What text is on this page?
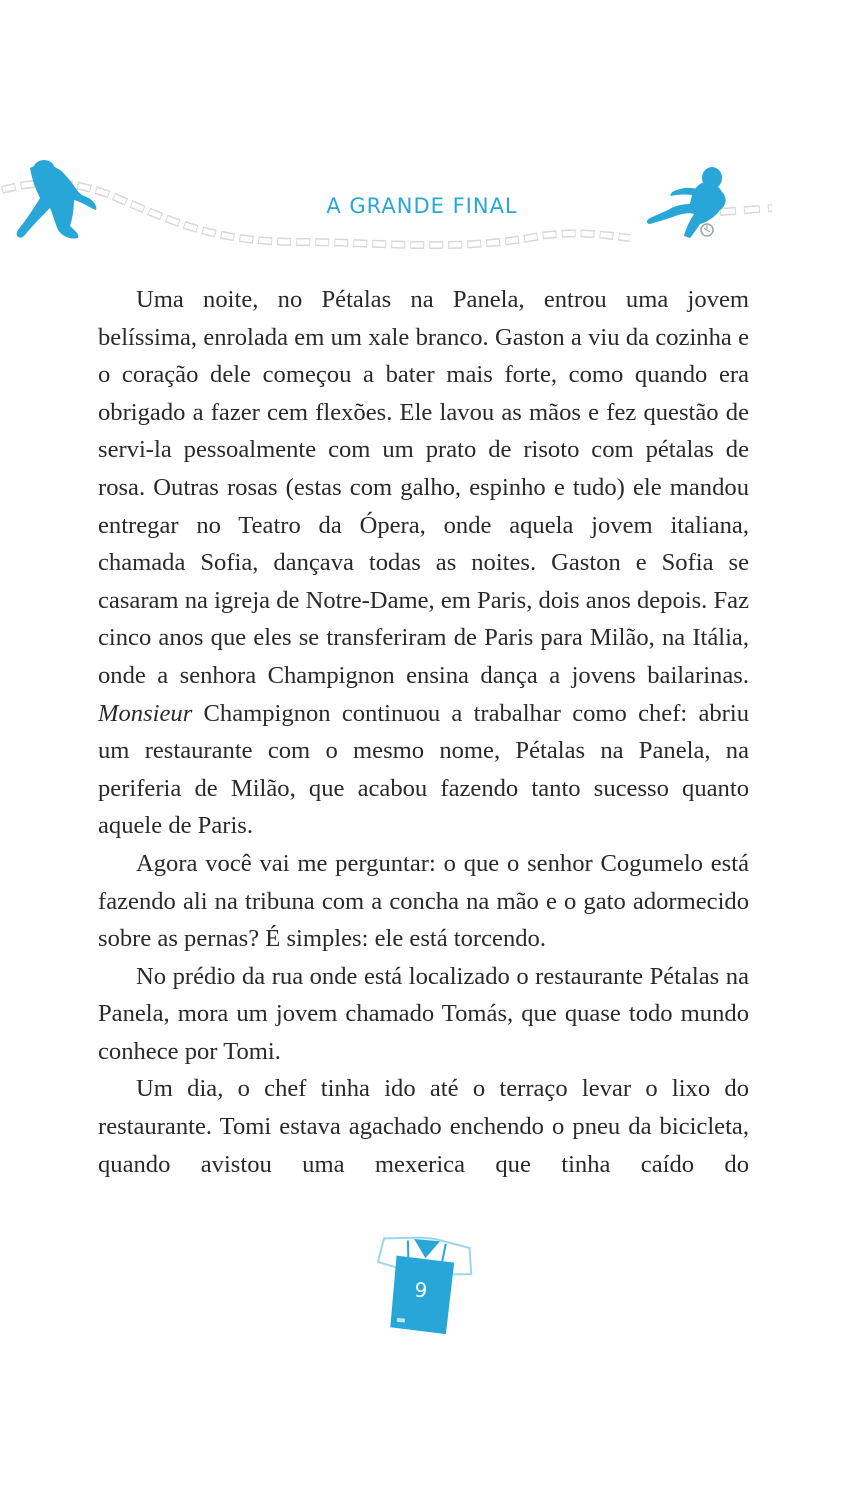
A GRANDE FINAL

Uma noite, no Pétalas na Panela, entrou uma jovem belíssima, enrolada em um xale branco. Gaston a viu da cozinha e o coração dele começou a bater mais forte, como quando era obrigado a fazer cem flexões. Ele lavou as mãos e fez questão de servi-la pessoalmente com um prato de risoto com pétalas de rosa. Outras rosas (estas com galho, espinho e tudo) ele mandou entregar no Teatro da Ópera, onde aquela jovem italiana, chamada Sofia, dançava todas as noites. Gaston e Sofia se casaram na igreja de Notre-Dame, em Paris, dois anos depois. Faz cinco anos que eles se transferiram de Paris para Milão, na Itália, onde a senhora Champignon ensina dança a jovens bailarinas. Monsieur Champignon continuou a trabalhar como chef: abriu um restaurante com o mesmo nome, Pétalas na Panela, na periferia de Milão, que acabou fazendo tanto sucesso quanto aquele de Paris.

Agora você vai me perguntar: o que o senhor Cogumelo está fazendo ali na tribuna com a concha na mão e o gato adormecido sobre as pernas? É simples: ele está torcendo.

No prédio da rua onde está localizado o restaurante Pétalas na Panela, mora um jovem chamado Tomás, que quase todo mundo conhece por Tomi.

Um dia, o chef tinha ido até o terraço levar o lixo do restaurante. Tomi estava agachado enchendo o pneu da bicicleta, quando avistou uma mexerica que tinha caído do

9
